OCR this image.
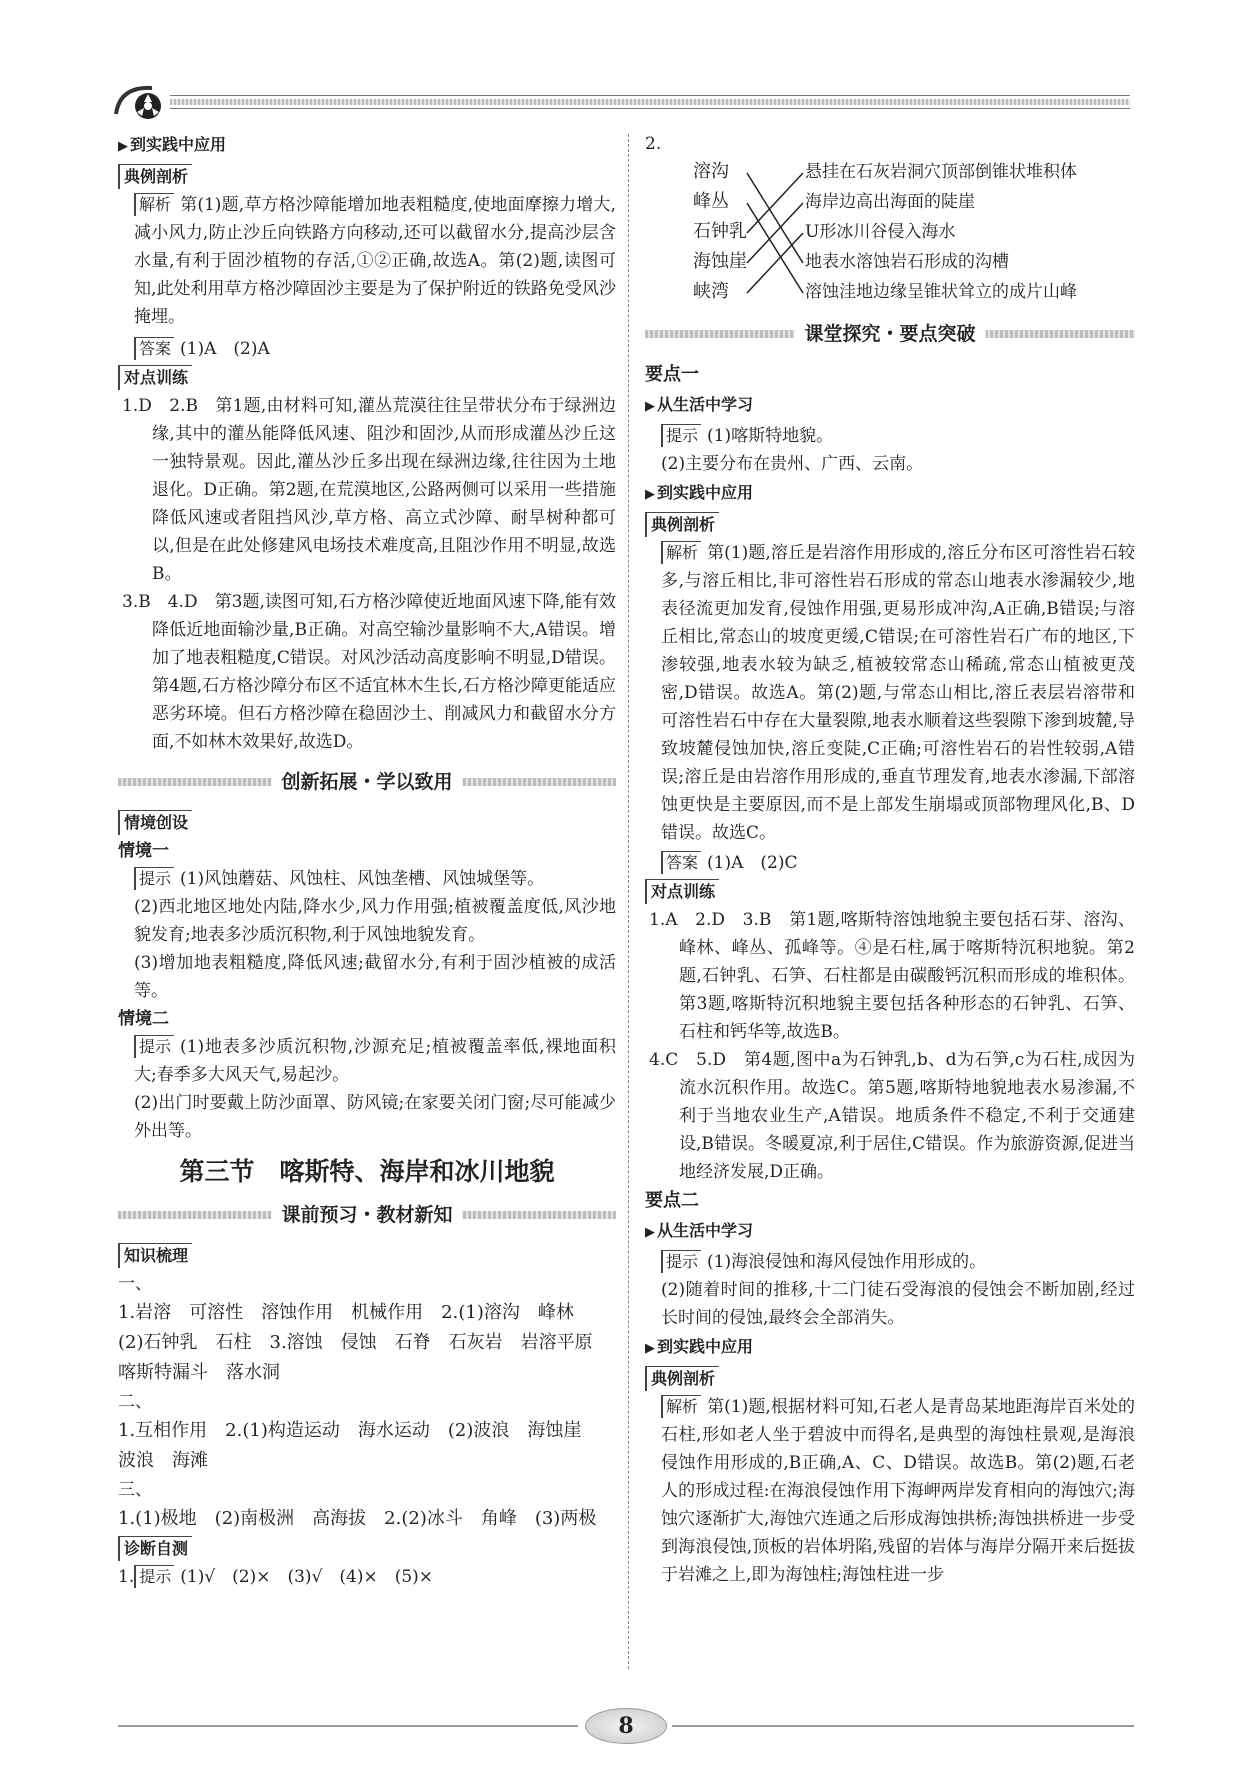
▶ 到实践中应用
典例剖析

解析 第(1)题,草方格沙障能增加地表粗糙度,使地面摩擦力增大,减小风力,防止沙丘向铁路方向移动,还可以截留水分,提高沙层含水量,有利于固沙植物的存活,①②正确,故选A。第(2)题,读图可知,此处利用草方格沙障固沙主要是为了保护附近的铁路免受风沙掩埋。

答案 (1)A　(2)A

对点训练

1.D　2.B　第1题,由材料可知,灌丛荒漠往往呈带状分布于绿洲边缘,其中的灌丛能降低风速、阻沙和固沙,从而形成灌丛沙丘这一独特景观。因此,灌丛沙丘多出现在绿洲边缘,往往因为土地退化。D正确。第2题,在荒漠地区,公路两侧可以采用一些措施降低风速或者阻挡风沙,草方格、高立式沙障、耐旱树种都可以,但是在此处修建风电场技术难度高,且阻沙作用不明显,故选B。

3.B　4.D　第3题,读图可知,石方格沙障使近地面风速下降,能有效降低近地面输沙量,B正确。对高空输沙量影响不大,A错误。增加了地表粗糙度,C错误。对风沙活动高度影响不明显,D错误。第4题,石方格沙障分布区不适宜林木生长,石方格沙障更能适应恶劣环境。但石方格沙障在稳固沙土、削减风力和截留水分方面,不如林木效果好,故选D。

创新拓展・学以致用
情境创设
情境一

提示 (1)风蚀蘑菇、风蚀柱、风蚀垄槽、风蚀城堡等。

(2)西北地区地处内陆,降水少,风力作用强;植被覆盖度低,风沙地貌发育;地表多沙质沉积物,利于风蚀地貌发育。

(3)增加地表粗糙度,降低风速;截留水分,有利于固沙植被的成活等。

情境二

提示 (1)地表多沙质沉积物,沙源充足;植被覆盖率低,裸地面积大;春季多大风天气,易起沙。

(2)出门时要戴上防沙面罩、防风镜;在家要关闭门窗;尽可能减少外出等。

第三节　喀斯特、海岸和冰川地貌
课前预习・教材新知
知识梳理

一、

1.岩溶　可溶性　溶蚀作用　机械作用　2.(1)溶沟　峰林　(2)石钟乳　石柱　3.溶蚀　侵蚀　石脊　石灰岩　岩溶平原　喀斯特漏斗　落水洞

二、

1.互相作用　2.(1)构造运动　海水运动　(2)波浪　海蚀崖　波浪　海滩

三、

1.(1)极地　(2)南极洲　高海拔　2.(2)冰斗　角峰　(3)两极

诊断自测

1. 提示 (1)√　(2)×　(3)√　(4)×　(5)×

2.

溶沟
峰丛
石钟乳
海蚀崖
峡湾
悬挂在石灰岩洞穴顶部倒锥状堆积体
海岸边高出海面的陡崖
U形冰川谷侵入海水
地表水溶蚀岩石形成的沟槽
溶蚀洼地边缘呈锥状耸立的成片山峰
课堂探究・要点突破
要点一
▶ 从生活中学习

提示 (1)喀斯特地貌。

(2)主要分布在贵州、广西、云南。

▶ 到实践中应用
典例剖析

解析 第(1)题,溶丘是岩溶作用形成的,溶丘分布区可溶性岩石较多,与溶丘相比,非可溶性岩石形成的常态山地表水渗漏较少,地表径流更加发育,侵蚀作用强,更易形成冲沟,A正确,B错误;与溶丘相比,常态山的坡度更缓,C错误;在可溶性岩石广布的地区,下渗较强,地表水较为缺乏,植被较常态山稀疏,常态山植被更茂密,D错误。故选A。第(2)题,与常态山相比,溶丘表层岩溶带和可溶性岩石中存在大量裂隙,地表水顺着这些裂隙下渗到坡麓,导致坡麓侵蚀加快,溶丘变陡,C正确;可溶性岩石的岩性较弱,A错误;溶丘是由岩溶作用形成的,垂直节理发育,地表水渗漏,下部溶蚀更快是主要原因,而不是上部发生崩塌或顶部物理风化,B、D错误。故选C。

答案 (1)A　(2)C

对点训练

1.A　2.D　3.B　第1题,喀斯特溶蚀地貌主要包括石芽、溶沟、峰林、峰丛、孤峰等。④是石柱,属于喀斯特沉积地貌。第2题,石钟乳、石笋、石柱都是由碳酸钙沉积而形成的堆积体。第3题,喀斯特沉积地貌主要包括各种形态的石钟乳、石笋、石柱和钙华等,故选B。

4.C　5.D　第4题,图中a为石钟乳,b、d为石笋,c为石柱,成因为流水沉积作用。故选C。第5题,喀斯特地貌地表水易渗漏,不利于当地农业生产,A错误。地质条件不稳定,不利于交通建设,B错误。冬暖夏凉,利于居住,C错误。作为旅游资源,促进当地经济发展,D正确。

要点二
▶ 从生活中学习

提示 (1)海浪侵蚀和海风侵蚀作用形成的。

(2)随着时间的推移,十二门徒石受海浪的侵蚀会不断加剧,经过长时间的侵蚀,最终会全部消失。

▶ 到实践中应用
典例剖析

解析 第(1)题,根据材料可知,石老人是青岛某地距海岸百米处的石柱,形如老人坐于碧波中而得名,是典型的海蚀柱景观,是海浪侵蚀作用形成的,B正确,A、C、D错误。故选B。第(2)题,石老人的形成过程:在海浪侵蚀作用下海岬两岸发育相向的海蚀穴;海蚀穴逐渐扩大,海蚀穴连通之后形成海蚀拱桥;海蚀拱桥进一步受到海浪侵蚀,顶板的岩体坍陷,残留的岩体与海岸分隔开来后挺拔于岩滩之上,即为海蚀柱;海蚀柱进一步

8
